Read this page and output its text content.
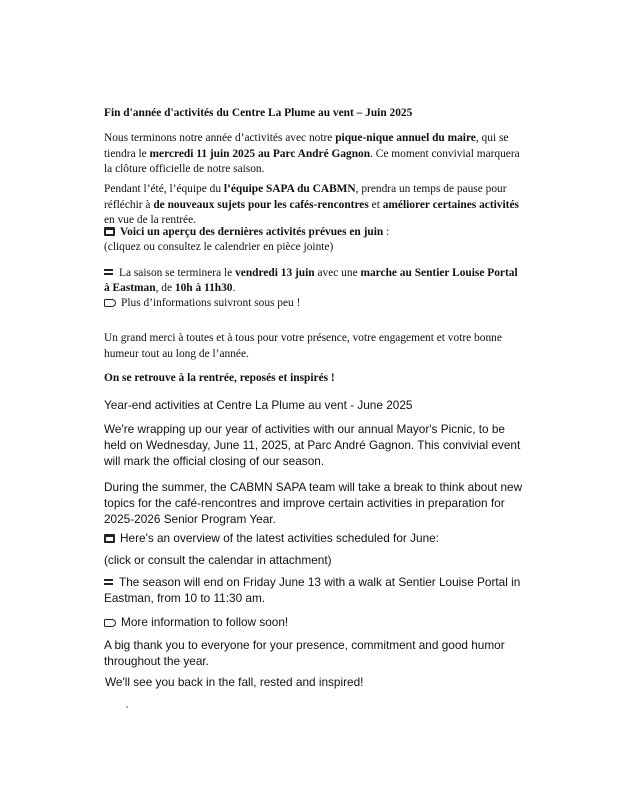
Fin d'année d'activités du Centre La Plume au vent – Juin 2025

Nous terminons notre année d’activités avec notre pique-nique annuel du maire, qui se tiendra le mercredi 11 juin 2025 au Parc André Gagnon. Ce moment convivial marquera la clôture officielle de notre saison.

Pendant l’été, l’équipe du l’équipe SAPA du CABMN, prendra un temps de pause pour réfléchir à de nouveaux sujets pour les cafés-rencontres et améliorer certaines activités en vue de la rentrée.

Voici un aperçu des dernières activités prévues en juin :

(cliquez ou consultez le calendrier en pièce jointe)

La saison se terminera le vendredi 13 juin avec une marche au Sentier Louise Portal à Eastman, de 10h à 11h30.

Plus d’informations suivront sous peu !

Un grand merci à toutes et à tous pour votre présence, votre engagement et votre bonne humeur tout au long de l’année.

On se retrouve à la rentrée, reposés et inspirés !

Year-end activities at Centre La Plume au vent - June 2025

We're wrapping up our year of activities with our annual Mayor's Picnic, to be held on Wednesday, June 11, 2025, at Parc André Gagnon. This convivial event will mark the official closing of our season.

During the summer, the CABMN SAPA team will take a break to think about new topics for the café-rencontres and improve certain activities in preparation for 2025-2026 Senior Program Year.

Here's an overview of the latest activities scheduled for June:

(click or consult the calendar in attachment)

The season will end on Friday June 13 with a walk at Sentier Louise Portal in Eastman, from 10 to 11:30 am.

More information to follow soon!

A big thank you to everyone for your presence, commitment and good humor throughout the year.

We'll see you back in the fall, rested and inspired!
